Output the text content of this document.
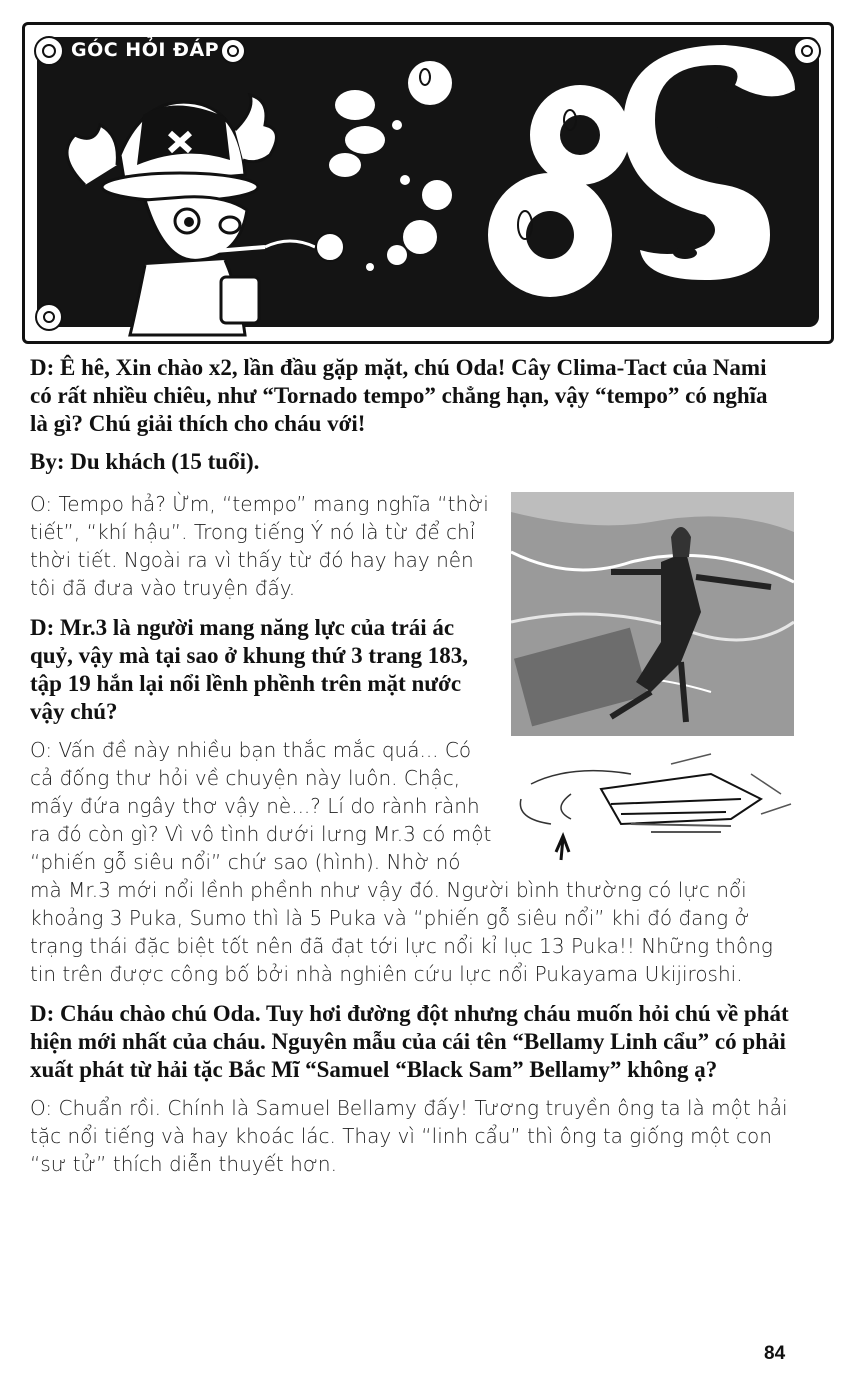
GÓC HỎI ĐÁP

D: Ê hê, Xin chào x2, lần đầu gặp mặt, chú Oda! Cây Clima-Tact của Nami có rất nhiều chiêu, như “Tornado tempo” chẳng hạn, vậy “tempo” có nghĩa là gì? Chú giải thích cho cháu với!

By: Du khách (15 tuổi).

O: Tempo hả? Ừm, “tempo” mang nghĩa “thời tiết”, “khí hậu”. Trong tiếng Ý nó là từ để chỉ thời tiết. Ngoài ra vì thấy từ đó hay hay nên tôi đã đưa vào truyện đấy.

D: Mr.3 là người mang năng lực của trái ác quỷ, vậy mà tại sao ở khung thứ 3 trang 183, tập 19 hắn lại nổi lềnh phềnh trên mặt nước vậy chú?

O: Vấn đề này nhiều bạn thắc mắc quá... Có cả đống thư hỏi về chuyện này luôn. Chậc, mấy đứa ngây thơ vậy nè...? Lí do rành rành ra đó còn gì? Vì vô tình dưới lưng Mr.3 có một “phiến gỗ siêu nổi” chứ sao (hình). Nhờ nó mà Mr.3 mới nổi lềnh phềnh như vậy đó. Người bình thường có lực nổi khoảng 3 Puka, Sumo thì là 5 Puka và “phiến gỗ siêu nổi” khi đó đang ở trạng thái đặc biệt tốt nên đã đạt tới lực nổi kỉ lục 13 Puka!! Những thông tin trên được công bố bởi nhà nghiên cứu lực nổi Pukayama Ukijiroshi.

D: Cháu chào chú Oda. Tuy hơi đường đột nhưng cháu muốn hỏi chú về phát hiện mới nhất của cháu. Nguyên mẫu của cái tên “Bellamy Linh cẩu” có phải xuất phát từ hải tặc Bắc Mĩ “Samuel “Black Sam” Bellamy” không ạ?

O: Chuẩn rồi. Chính là Samuel Bellamy đấy! Tương truyền ông ta là một hải tặc nổi tiếng và hay khoác lác. Thay vì “linh cẩu” thì ông ta giống một con “sư tử” thích diễn thuyết hơn.

84
